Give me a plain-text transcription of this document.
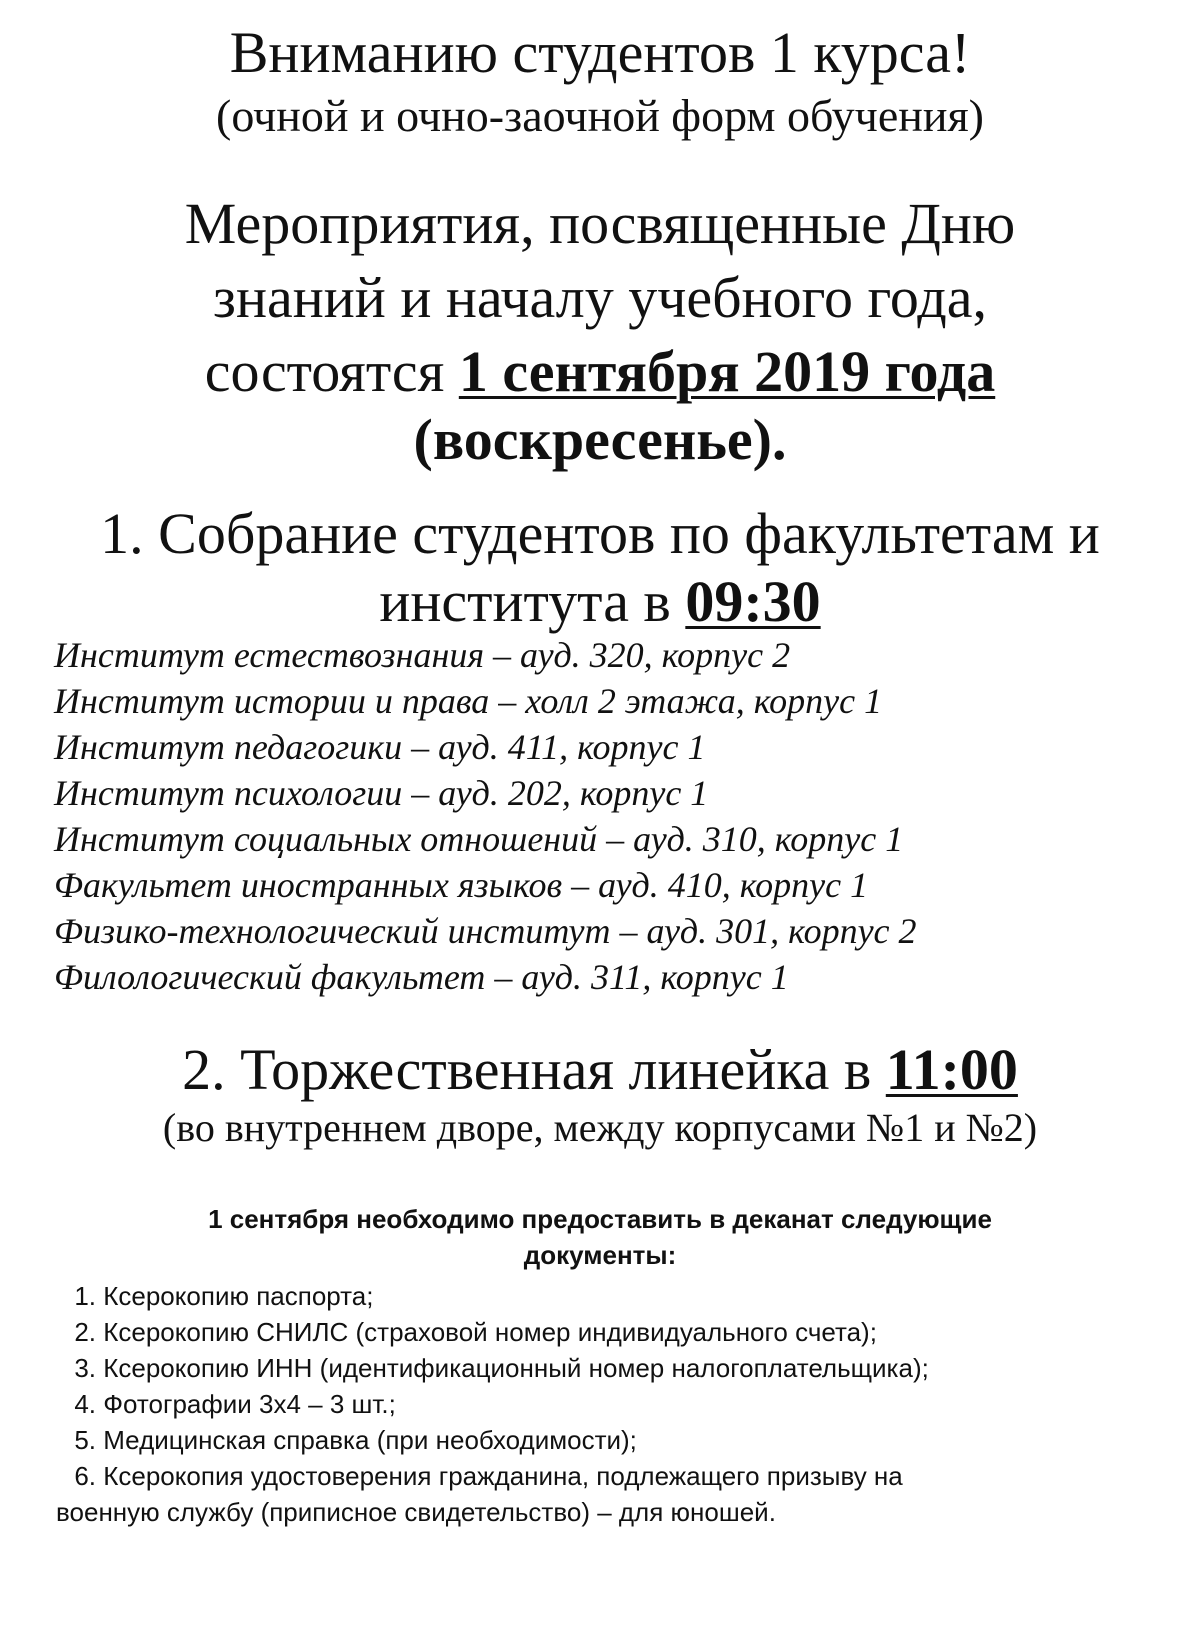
Вниманию студентов 1 курса!
(очной и очно-заочной форм обучения)
Мероприятия, посвященные Дню
знаний и началу учебного года,
состоятся 1 сентября 2019 года
(воскресенье).
1. Собрание студентов по факультетам и
института в 09:30
Институт естествознания – ауд. 320, корпус 2
Институт истории и права – холл 2 этажа, корпус 1
Институт педагогики – ауд. 411, корпус 1
Институт психологии – ауд. 202, корпус 1
Институт социальных отношений – ауд. 310, корпус 1
Факультет иностранных языков – ауд. 410, корпус 1
Физико-технологический институт – ауд. 301, корпус 2
Филологический факультет – ауд. 311, корпус 1
2. Торжественная линейка в 11:00
(во внутреннем дворе, между корпусами №1 и №2)
1 сентября необходимо предоставить в деканат следующие
документы:
1. Ксерокопию паспорта;
2. Ксерокопию СНИЛС (страховой номер индивидуального счета);
3. Ксерокопию ИНН (идентификационный номер налогоплательщика);
4. Фотографии 3х4 – 3 шт.;
5. Медицинская справка (при необходимости);
6. Ксерокопия удостоверения гражданина, подлежащего призыву на
военную службу (приписное свидетельство) – для юношей.
